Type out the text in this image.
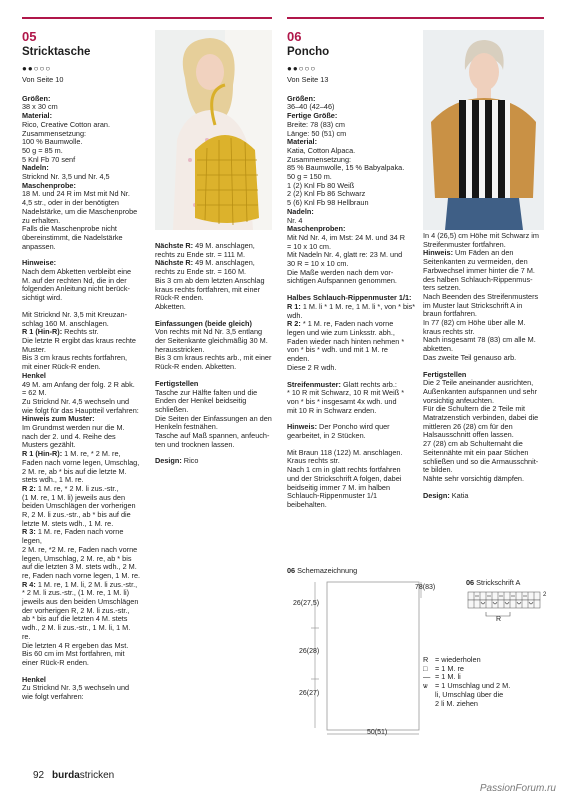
05
Stricktasche
●●○○○
Von Seite 10

Größen:

38 x 30 cm

Material:

Rico, Creative Cotton aran.

Zusammensetzung:

100 % Baumwolle.

50 g = 85 m.

5 Knl Fb 70 senf

Nadeln:

Stricknd Nr. 3,5 und Nr. 4,5

Maschenprobe:

18 M. und 24 R im Mst mit Nd Nr.

4,5 str., oder in der benötigten

Nadelstärke, um die Maschenprobe

zu erhalten.

Falls die Maschenprobe nicht

übereinstimmt, die Nadelstärke

anpassen.

Hinweise:

Nach dem Abketten verbleibt eine

M. auf der rechten Nd, die in der

folgenden Anleitung nicht berück-

sichtigt wird.

Mit Stricknd Nr. 3,5 mit Kreuzan-

schlag 160 M. anschlagen.

R 1 (Hin-R): Rechts str.

Die letzte R ergibt das kraus rechte

Muster.

Bis 3 cm kraus rechts fortfahren,

mit einer Rück-R enden.

Henkel

49 M. am Anfang der folg. 2 R abk.

= 62 M.

Zu Stricknd Nr. 4,5 wechseln und

wie folgt für das Hauptteil verfahren:

Hinweis zum Muster:

Im Grundmst werden nur die M.

nach der 2. und 4. Reihe des

Musters gezählt.

R 1 (Hin-R): 1 M. re, * 2 M. re,

Faden nach vorne legen, Umschlag,

2 M. re, ab * bis auf die letzte M.

stets wdh., 1 M. re.

R 2: 1 M. re, * 2 M. li zus.-str.,

(1 M. re, 1 M. li) jeweils aus den

beiden Umschlägen der vorherigen

R, 2 M. li zus.-str., ab * bis auf die

letzte M. stets wdh., 1 M. re.

R 3: 1 M. re, Faden nach vorne

legen,

2 M. re, *2 M. re, Faden nach vorne

legen, Umschlag, 2 M. re, ab * bis

auf die letzten 3 M. stets wdh., 2 M.

re, Faden nach vorne legen, 1 M. re.

R 4: 1 M. re, 1 M. li, 2 M. li zus.-str.,

* 2 M. li zus.-str., (1 M. re, 1 M. li)

jeweils aus den beiden Umschlägen

der vorherigen R, 2 M. li zus.-str.,

ab * bis auf die letzten 4 M. stets

wdh., 2 M. li zus.-str., 1 M. li, 1 M.

re.

Die letzten 4 R ergeben das Mst.

Bis 60 cm im Mst fortfahren, mit

einer Rück-R enden.

Henkel

Zu Stricknd Nr. 3,5 wechseln und

wie folgt verfahren:

Nächste R: 49 M. anschlagen,

rechts zu Ende str. = 111 M.

Nächste R: 49 M. anschlagen,

rechts zu Ende str. = 160 M.

Bis 3 cm ab dem letzten Anschlag

kraus rechts fortfahren, mit einer

Rück-R enden.

Abketten.

Einfassungen (beide gleich)

Von rechts mit Nd Nr. 3,5 entlang

der Seitenkante gleichmäßig 30 M.

herausstricken.

Bis 3 cm kraus rechts arb., mit einer

Rück-R enden. Abketten.

Fertigstellen

Tasche zur Hälfte falten und die

Enden der Henkel beidseitig

schließen.

Die Seiten der Einfassungen an den

Henkeln festnähen.

Tasche auf Maß spannen, anfeuch-

ten und trocknen lassen.

Design: Rico

06
Poncho
●●○○○
Von Seite 13

Größen:

36–40 (42–46)

Fertige Größe:

Breite: 78 (83) cm

Länge: 50 (51) cm

Material:

Katia, Cotton Alpaca.

Zusammensetzung:

85 % Baumwolle, 15 % Babyalpaka.

50 g = 150 m.

1 (2) Knl Fb 80 Weiß

2 (2) Knl Fb 86 Schwarz

5 (6) Knl Fb 98 Hellbraun

Nadeln:

Nr. 4

Maschenproben:

Mit Nd Nr. 4, im Mst: 24 M. und 34 R

= 10 x 10 cm.

Mit Nadeln Nr. 4, glatt re: 23 M. und

30 R = 10 x 10 cm.

Die Maße werden nach dem vor-

sichtigen Aufspannen genommen.

Halbes Schlauch-Rippenmuster 1/1:

R 1: 1 M. li * 1 M. re, 1 M. li *, von * bis*

wdh.

R 2: * 1 M. re, Faden nach vorne

legen und wie zum Linksstr. abh.,

Faden wieder nach hinten nehmen *

von * bis * wdh. und mit 1 M. re

enden.

Diese 2 R wdh.

Streifenmuster: Glatt rechts arb.:

* 10 R mit Schwarz, 10 R mit Weiß *

von * bis * insgesamt 4x wdh. und

mit 10 R in Schwarz enden.

Hinweis: Der Poncho wird quer

gearbeitet, in 2 Stücken.

Mit Braun 118 (122) M. anschlagen.

Kraus rechts str.

Nach 1 cm in glatt rechts fortfahren

und der Strickschrift A folgen, dabei

beidseitig immer 7 M. im halben

Schlauch-Rippenmuster 1/1

beibehalten.

In 4 (26,5) cm Höhe mit Schwarz im

Streifenmuster fortfahren.

Hinweis: Um Fäden an den

Seitenkanten zu vermeiden, den

Farbwechsel immer hinter die 7 M.

des halben Schlauch-Rippenmus-

ters setzen.

Nach Beenden des Streifenmusters

im Muster laut Strickschrift A in

braun fortfahren.

In 77 (82) cm Höhe über alle M.

kraus rechts str.

Nach insgesamt 78 (83) cm alle M.

abketten.

Das zweite Teil genauso arb.

Fertigstellen

Die 2 Teile aneinander ausrichten,

Außenkanten aufspannen und sehr

vorsichtig anfeuchten.

Für die Schultern die 2 Teile mit

Matratzenstich verbinden, dabei die

mittleren 26 (28) cm für den

Halsausschnitt offen lassen.

27 (28) cm ab Schulternaht die

Seitennähte mit ein paar Stichen

schließen und so die Armausschnit-

te bilden.

Nähte sehr vorsichtig dämpfen.

Design: Katia

06 Schemazeichnung
78(83)
26(27,5)
26(28)
26(27)
50(51)
06 Strickschrift A
R
2
R = wiederholen
□	= 1 M. re
— = 1 M. li
ѡ	= 1 Umschlag und 2 M.
li, Umschlag über die
2 li M. ziehen
92 burdastricken
PassionForum.ru
